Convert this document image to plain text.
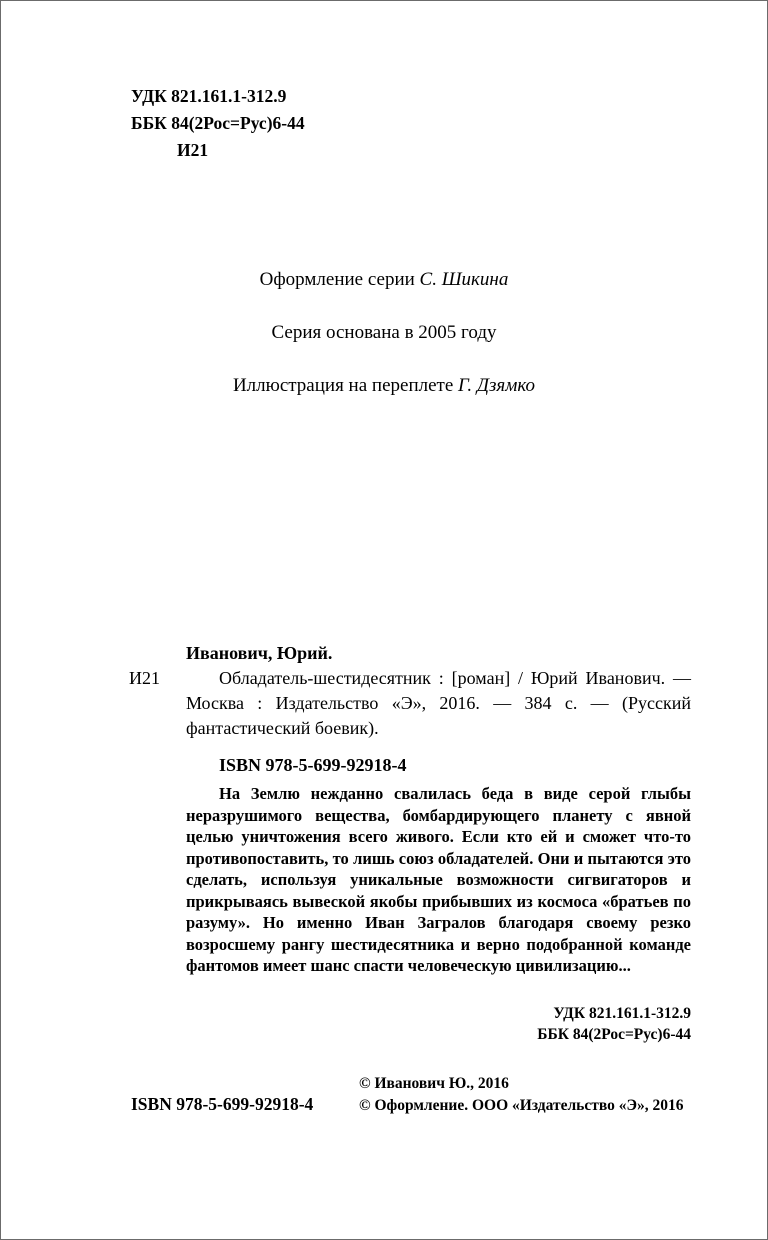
УДК 821.161.1-312.9
ББК 84(2Рос=Рус)6-44
И21
Оформление серии С. Шикина
Серия основана в 2005 году
Иллюстрация на переплете Г. Дзямко
Иванович, Юрий.
И21	Обладатель-шестидесятник : [роман] / Юрий Иванович. — Москва : Издательство «Э», 2016. — 384 с. — (Русский фантастический боевик).

ISBN 978-5-699-92918-4

На Землю нежданно свалилась беда в виде серой глыбы неразрушимого вещества, бомбардирующего планету с явной целью уничтожения всего живого. Если кто ей и сможет что-то противопоставить, то лишь союз обладателей. Они и пытаются это сделать, используя уникальные возможности сигвигаторов и прикрываясь вывеской якобы прибывших из космоса «братьев по разуму». Но именно Иван Загралов благодаря своему резко возросшему рангу шестидесятника и верно подобранной команде фантомов имеет шанс спасти человеческую цивилизацию...

УДК 821.161.1-312.9
ББК 84(2Рос=Рус)6-44
ISBN 978-5-699-92918-4
© Иванович Ю., 2016
© Оформление. ООО «Издательство «Э», 2016
